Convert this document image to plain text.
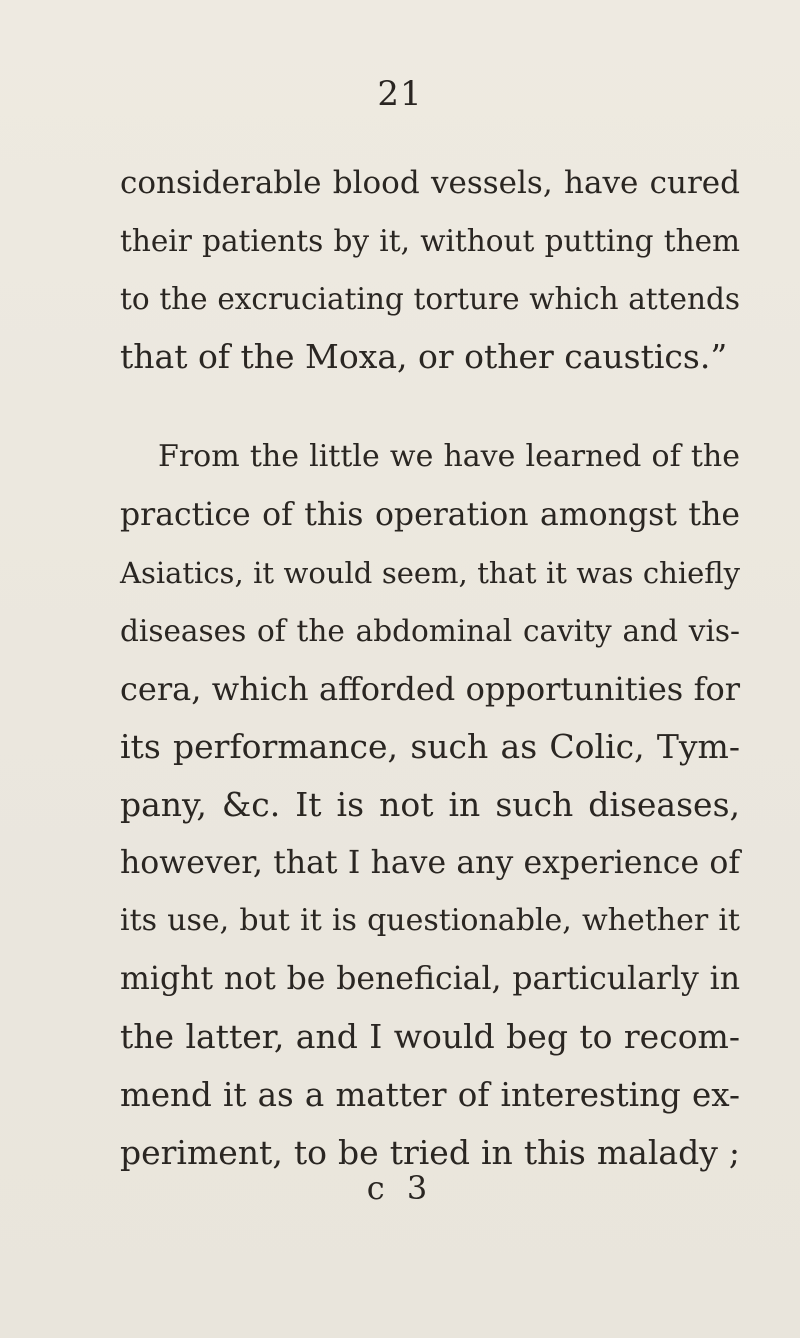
21
considerable blood vessels, have cured
their patients by it, without putting them
to the excruciating torture which attends
that of the Moxa, or other caustics.”
From the little we have learned of the
practice of this operation amongst the
Asiatics, it would seem, that it was chiefly
diseases of the abdominal cavity and vis-
cera, which afforded opportunities for
its performance, such as Colic, Tym-
pany, &c. It is not in such diseases,
however, that I have any experience of
its use, but it is questionable, whether it
might not be beneficial, particularly in
the latter, and I would beg to recom-
mend it as a matter of interesting ex-
periment, to be tried in this malady ;
c 3
